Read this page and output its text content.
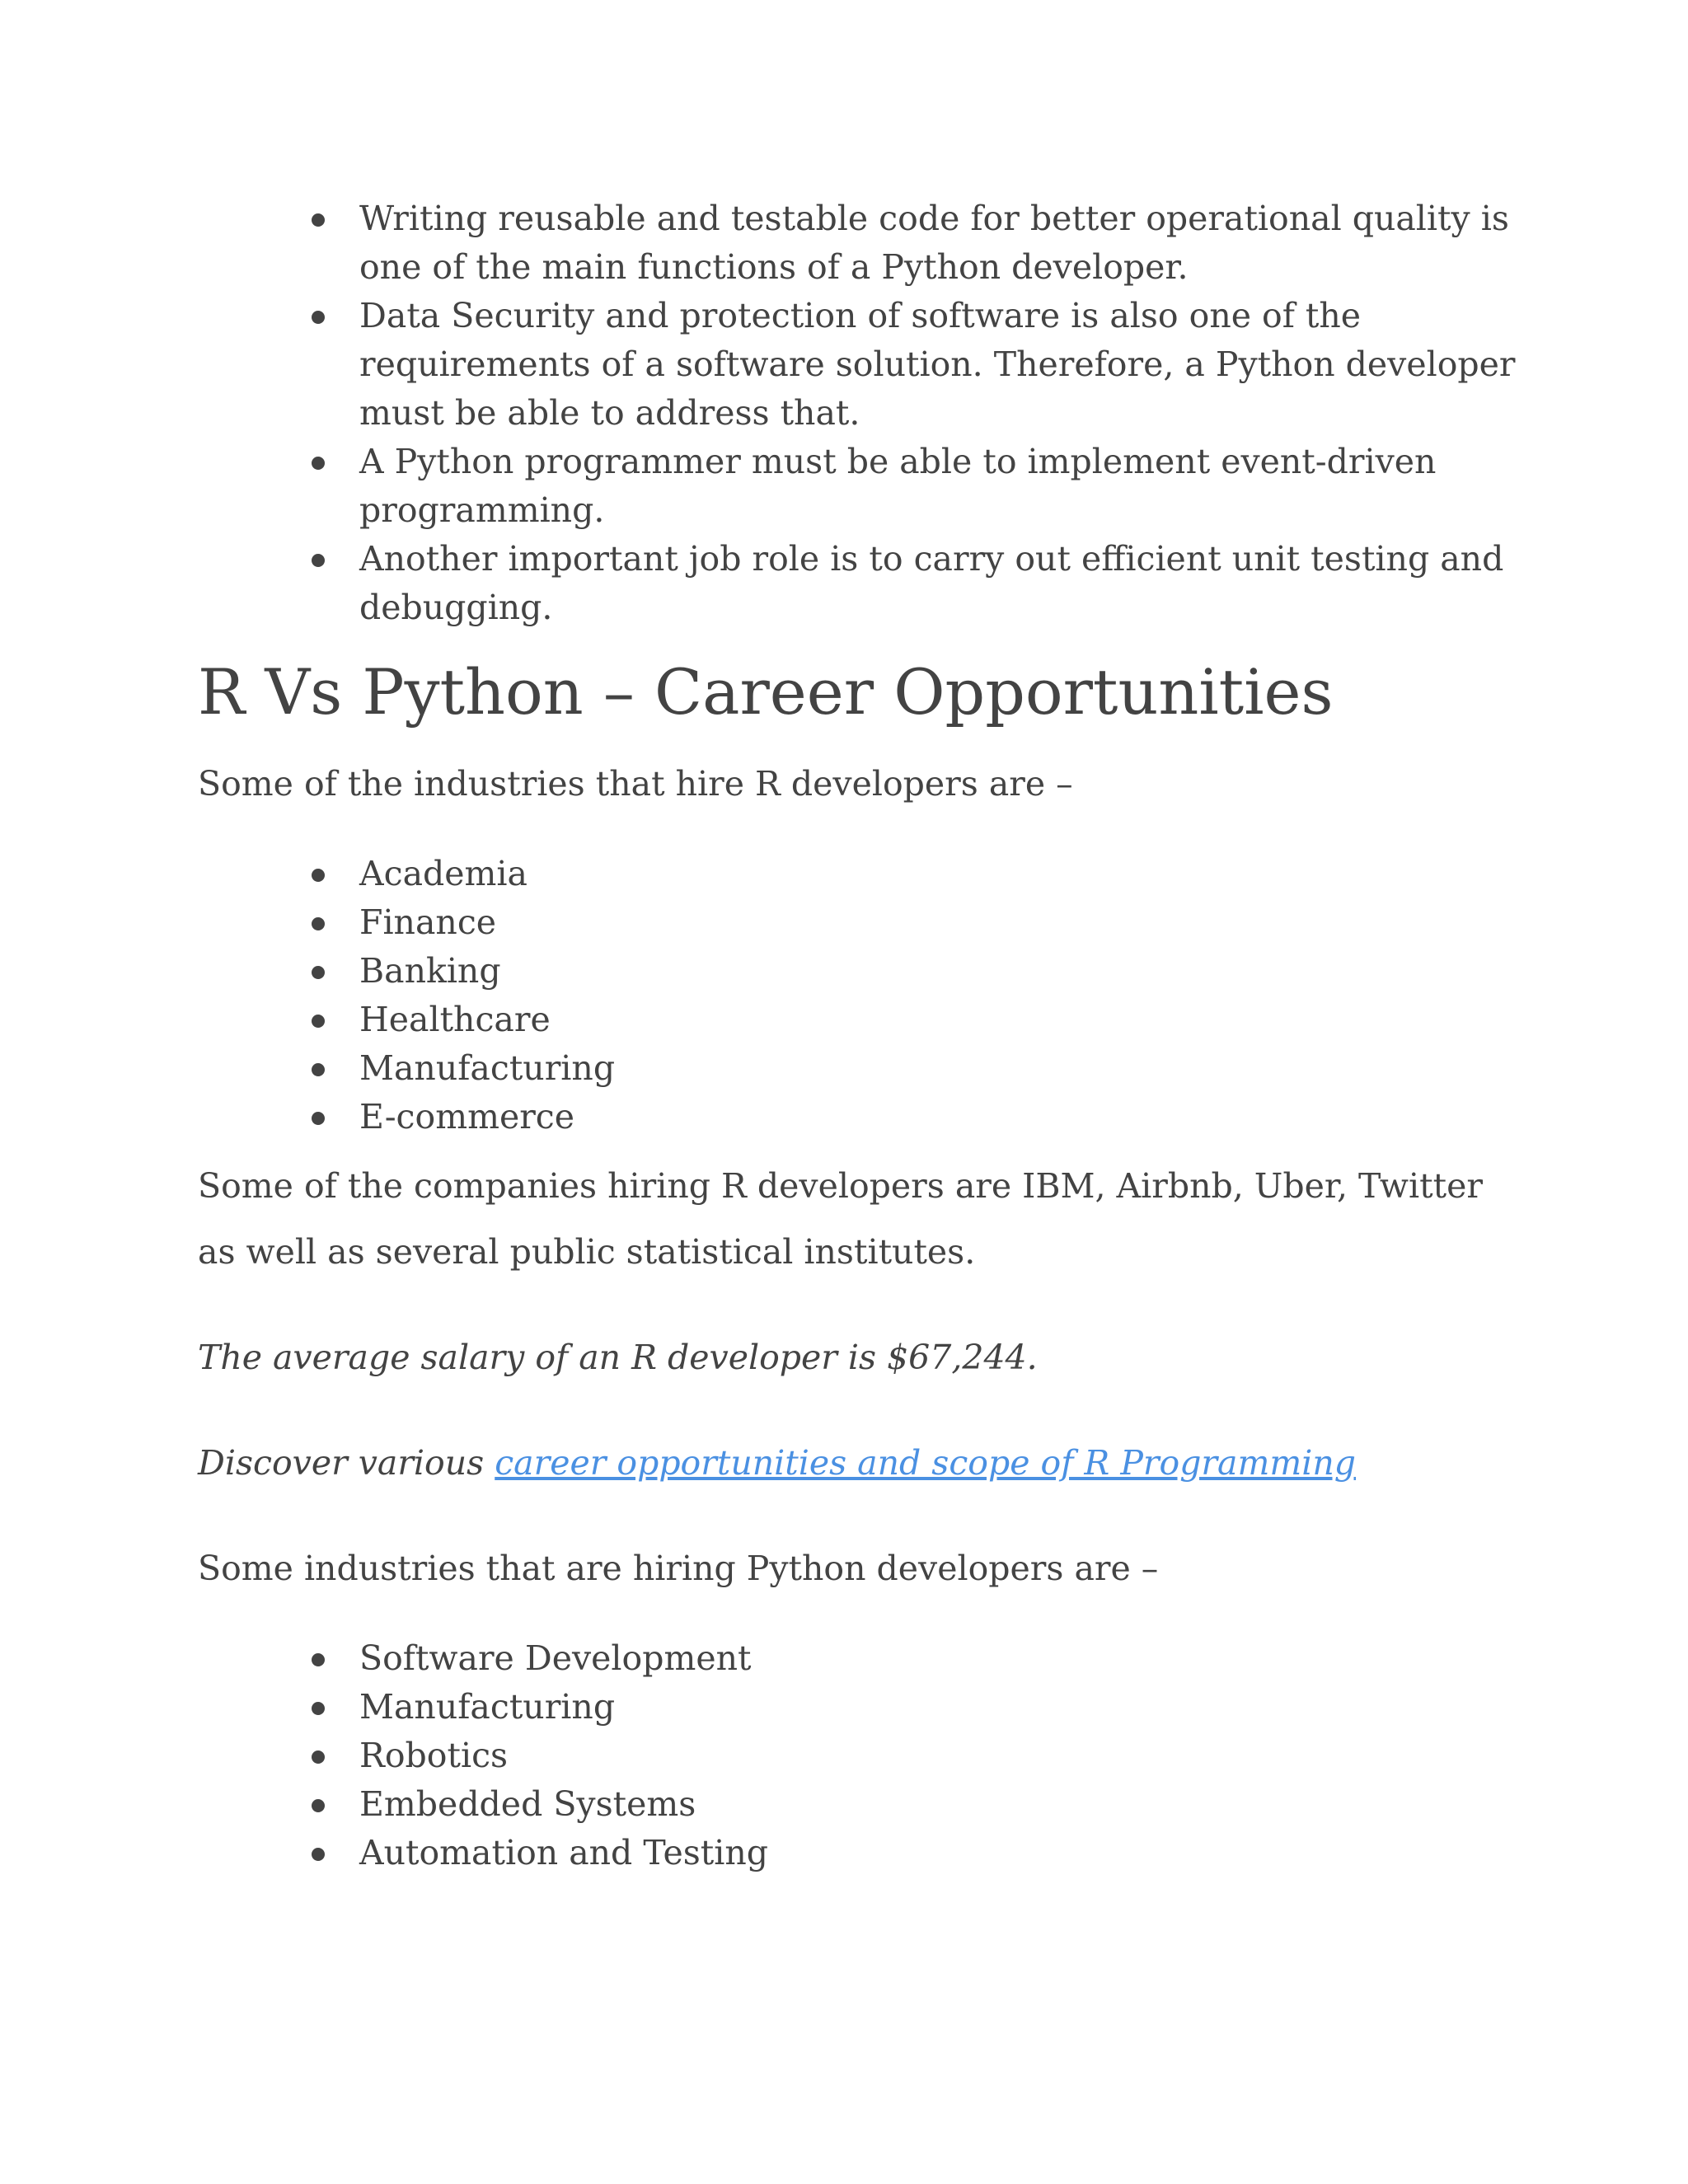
Writing reusable and testable code for better operational quality is one of the main functions of a Python developer.
Data Security and protection of software is also one of the requirements of a software solution. Therefore, a Python developer must be able to address that.
A Python programmer must be able to implement event-driven programming.
Another important job role is to carry out efficient unit testing and debugging.
R Vs Python – Career Opportunities

Some of the industries that hire R developers are –

Academia
Finance
Banking
Healthcare
Manufacturing
E-commerce

Some of the companies hiring R developers are IBM, Airbnb, Uber, Twitter as well as several public statistical institutes.

The average salary of an R developer is $67,244.

Discover various career opportunities and scope of R Programming

Some industries that are hiring Python developers are –

Software Development
Manufacturing
Robotics
Embedded Systems
Automation and Testing
